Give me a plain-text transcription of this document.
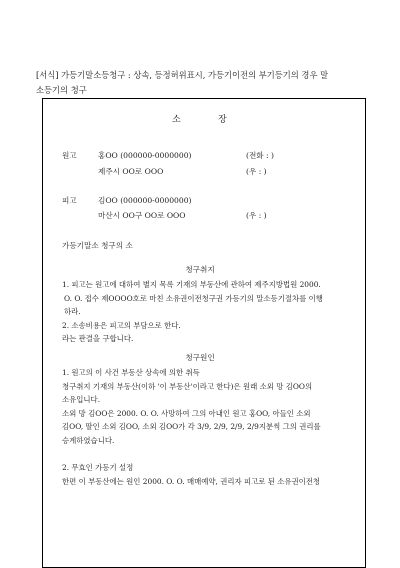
[서식] 가등기말소등청구 : 상속, 등정허위표시, 가등기이전의 부기등기의 경우 말
소등기의 청구
소	장
원고	홍OO (000000-0000000)	(전화 : )
제주시 OO로 OOO	(우 : )
피고	김OO (000000-0000000)
마산시 OO구 OO로 OOO	(우 : )
가등기말소 청구의 소
청구취지
1. 피고는 원고에 대하여 별지 목록 기재의 부동산에 관하여 제주지방법원 2000.
O. O. 접수 제OOOO호로 마친 소유권이전청구권 가등기의 말소등기절차를 이행
하라.
2. 소송비용은 피고의 부담으로 한다.
라는 판결을 구합니다.
청구원인
1. 원고의 이 사건 부동산 상속에 의한 취득
청구취지 기재의 부동산(이하 '이 부동산'이라고 한다)은 원래 소외 망 김OO의
소유입니다.
소외 망 김OO은 2000. O. O. 사망하여 그의 아내인 원고 홍OO, 아들인 소외
김OO, 딸인 소외 김OO, 소외 김OO가 각 3/9, 2/9, 2/9, 2/9지분씩 그의 권리를
승계하였습니다.
2. 무효인 가등기 설정
한편 이 부동산에는 원인 2000. O. O. 매매예약, 권리자 피고로 된 소유권이전청
